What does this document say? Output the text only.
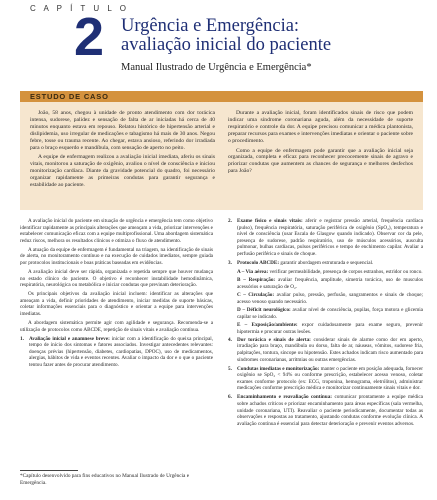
C A P Í T U L O
2 Urgência e Emergência:
avaliação inicial do paciente
Manual Ilustrado de Urgência e Emergência*
ESTUDO DE CASO

João, 58 anos, chegou à unidade de pronto atendimento com dor torácica intensa, sudorese, palidez e sensação de falta de ar iniciadas há cerca de 40 minutos enquanto estava em repouso. Relatou histórico de hipertensão arterial e dislipidemia, uso irregular de medicações e tabagismo há mais de 30 anos. Negou febre, tosse ou trauma recente. Ao chegar, estava ansioso, referindo dor irradiada para o braço esquerdo e mandíbula, com sensação de aperto no peito.

A equipe de enfermagem realizou a avaliação inicial imediata, aferiu os sinais vitais, monitorou a saturação de oxigênio, avaliou o nível de consciência e iniciou monitorização cardíaca. Diante da gravidade potencial do quadro, foi necessário organizar rapidamente as primeiras condutas para garantir segurança e estabilidade ao paciente.

Durante a avaliação inicial, foram identificados sinais de risco que podem indicar uma síndrome coronariana aguda, além da necessidade de suporte respiratório e controle da dor. A equipe precisou comunicar a médica plantonista, preparar recursos para exames e intervenções imediatas e orientar o paciente sobre o procedimento.

Como a equipe de enfermagem pode garantir que a avaliação inicial seja organizada, completa e eficaz para reconhecer precocemente sinais de agravo e priorizar condutas que aumentem as chances de segurança e melhores desfechos para João?

A avaliação inicial do paciente em situação de urgência e emergência tem como objetivo identificar rapidamente as principais alterações que ameaçam a vida, priorizar intervenções e estabelecer comunicação eficaz com a equipe multiprofissional. Uma abordagem sistemática reduz riscos, melhora os resultados clínicos e otimiza o fluxo de atendimento.

A atuação da equipe de enfermagem é fundamental na triagem, na identificação de sinais de alerta, no monitoramento contínuo e na execução de cuidados imediatos, sempre guiada por protocolos institucionais e boas práticas baseadas em evidências.

A avaliação inicial deve ser rápida, organizada e repetida sempre que houver mudança no estado clínico do paciente. O objetivo é reconhecer instabilidade hemodinâmica, respiratória, neurológica ou metabólica e iniciar condutas que previnam deterioração.

Os principais objetivos da avaliação inicial incluem: identificar as alterações que ameaçam a vida, definir prioridades de atendimento, iniciar medidas de suporte básicas, coletar informações essenciais para o diagnóstico e orientar a equipe para intervenções imediatas.

A abordagem sistemática permite agir com agilidade e segurança. Recomenda-se a utilização de protocolos como ABCDE, repetição de sinais vitais e avaliação contínua.

1. Avaliação inicial e anamnese breve: iniciar com a identificação do queixa principal, tempo de início dos sintomas e fatores associados. Investigar antecedentes relevantes: doenças prévias (hipertensão, diabetes, cardiopatias, DPOC), uso de medicamentos, alergias, hábitos de vida e eventos recentes. Avaliar o impacto da dor e o que o paciente tentou fazer antes de procurar atendimento.

2. Exame físico e sinais vitais: aferir e registrar pressão arterial, frequência cardíaca (pulso), frequência respiratória, saturação periférica de oxigênio (SpO₂), temperatura e nível de consciência (usar Escala de Glasgow quando indicado). Observar cor da pele, presença de sudorese, padrão respiratório, uso de músculos acessórios, ausculta pulmonar, bulhas cardíacas, pulsos periféricos e tempo de enchimento capilar. Avaliar a perfusão periférica e sinais de choque.

3. Protocolo ABCDE: garantir abordagem estruturada e sequencial.

A – Via aérea: verificar permeabilidade, presença de corpos estranhos, estridor ou ronco.

B – Respiração: avaliar frequência, amplitude, simetria torácica, uso de musculos acessórios e saturação de O₂.

C – Circulação: avaliar pulso, pressão, perfusão, sangramentos e sinais de choque; acesso venoso quando necessário.

D – Déficit neurológico: avaliar nível de consciência, pupilas, força motora e glicemia capilar se indicado.

E – Exposição/ambiente: expor cuidadosamente para exame seguro, prevenir hipotermia e procurar outras lesões.

4. Dor torácica e sinais de alerta: considerar sinais de alarme como dor em aperto, irradiação para braço, mandíbula ou dorso, falta de ar, náuseas, vômitos, sudorese fria, palpitações, tontura, síncope ou hipotensão. Estes achados indicam risco aumentado para síndromes coronarianas, arritmias ou outras emergências.

5. Condutas imediatas e monitorização: manter o paciente em posição adequada, fornecer oxigênio se SpO₂ < 94% ou conforme prescrição, estabelecer acesso venoso, coletar exames conforme protocolo (ex: ECG, troponina, hemograma, eletrólitos), administrar medicações conforme prescrição médica e monitorizar continuamente sinais vitais e dor.

6. Encaminhamento e reavaliação contínua: comunicar prontamente a equipe médica sobre achados críticos e priorizar encaminhamento para áreas específicas (sala vermelha, unidade coronariana, UTI). Reavaliar o paciente periodicamente, documentar todas as observações e respostas ao tratamento, ajustando condutas conforme evolução clínica. A avaliação contínua é essencial para detectar deterioração e prevenir eventos adversos.

*Capítulo desenvolvido para fins educativos no Manual Ilustrado de Urgência e Emergência.
